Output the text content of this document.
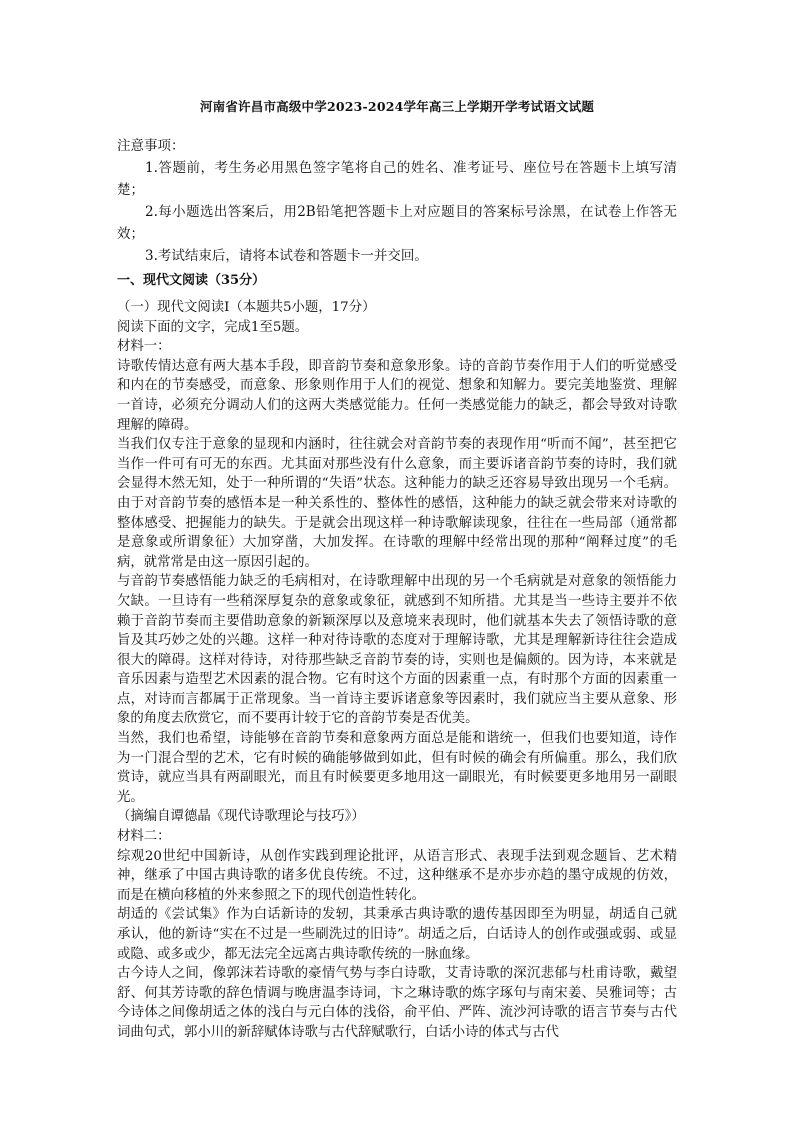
河南省许昌市高级中学2023-2024学年高三上学期开学考试语文试题

注意事项：

1.答题前，考生务必用黑色签字笔将自己的姓名、准考证号、座位号在答题卡上填写清楚；

2.每小题选出答案后，用2B铅笔把答题卡上对应题目的答案标号涂黑，在试卷上作答无效；

3.考试结束后，请将本试卷和答题卡一并交回。

一、现代文阅读（35分）

（一）现代文阅读Ⅰ（本题共5小题，17分）

阅读下面的文字，完成1至5题。

材料一：

诗歌传情达意有两大基本手段，即音韵节奏和意象形象。诗的音韵节奏作用于人们的听觉感受和内在的节奏感受，而意象、形象则作用于人们的视觉、想象和知解力。要完美地鉴赏、理解一首诗，必须充分调动人们的这两大类感觉能力。任何一类感觉能力的缺乏，都会导致对诗歌理解的障碍。

当我们仅专注于意象的显现和内涵时，往往就会对音韵节奏的表现作用“听而不闻”，甚至把它当作一件可有可无的东西。尤其面对那些没有什么意象，而主要诉诸音韵节奏的诗时，我们就会显得木然无知，处于一种所谓的“失语”状态。这种能力的缺乏还容易导致出现另一个毛病。由于对音韵节奏的感悟本是一种关系性的、整体性的感悟，这种能力的缺乏就会带来对诗歌的整体感受、把握能力的缺失。于是就会出现这样一种诗歌解读现象，往往在一些局部（通常都是意象或所谓象征）大加穿凿，大加发挥。在诗歌的理解中经常出现的那种“阐释过度”的毛病，就常常是由这一原因引起的。

与音韵节奏感悟能力缺乏的毛病相对，在诗歌理解中出现的另一个毛病就是对意象的领悟能力欠缺。一旦诗有一些稍深厚复杂的意象或象征，就感到不知所措。尤其是当一些诗主要并不依赖于音韵节奏而主要借助意象的新颖深厚以及意境来表现时，他们就基本失去了领悟诗歌的意旨及其巧妙之处的兴趣。这样一种对待诗歌的态度对于理解诗歌，尤其是理解新诗往往会造成很大的障碍。这样对待诗，对待那些缺乏音韵节奏的诗，实则也是偏颇的。因为诗，本来就是音乐因素与造型艺术因素的混合物。它有时这个方面的因素重一点，有时那个方面的因素重一点，对诗而言都属于正常现象。当一首诗主要诉诸意象等因素时，我们就应当主要从意象、形象的角度去欣赏它，而不要再计较于它的音韵节奏是否优美。

当然，我们也希望，诗能够在音韵节奏和意象两方面总是能和谐统一，但我们也要知道，诗作为一门混合型的艺术，它有时候的确能够做到如此，但有时候的确会有所偏重。那么，我们欣赏诗，就应当具有两副眼光，而且有时候要更多地用这一副眼光，有时候要更多地用另一副眼光。

（摘编自谭德晶《现代诗歌理论与技巧》）

材料二：

综观20世纪中国新诗，从创作实践到理论批评，从语言形式、表现手法到观念题旨、艺术精神，继承了中国古典诗歌的诸多优良传统。不过，这种继承不是亦步亦趋的墨守成规的仿效，而是在横向移植的外来参照之下的现代创造性转化。

胡适的《尝试集》作为白话新诗的发轫，其秉承古典诗歌的遗传基因即至为明显，胡适自己就承认，他的新诗“实在不过是一些刷洗过的旧诗”。胡适之后，白话诗人的创作或强或弱、或显或隐、或多或少，都无法完全远离古典诗歌传统的一脉血缘。

古今诗人之间，像郭沫若诗歌的豪情气势与李白诗歌，艾青诗歌的深沉悲郁与杜甫诗歌，戴望舒、何其芳诗歌的辞色情调与晚唐温李诗词，卞之琳诗歌的炼字琢句与南宋姜、吴雅词等；古今诗体之间像胡适之体的浅白与元白体的浅俗，俞平伯、严阵、流沙河诗歌的语言节奏与古代词曲句式，郭小川的新辞赋体诗歌与古代辞赋歌行，白话小诗的体式与古代
